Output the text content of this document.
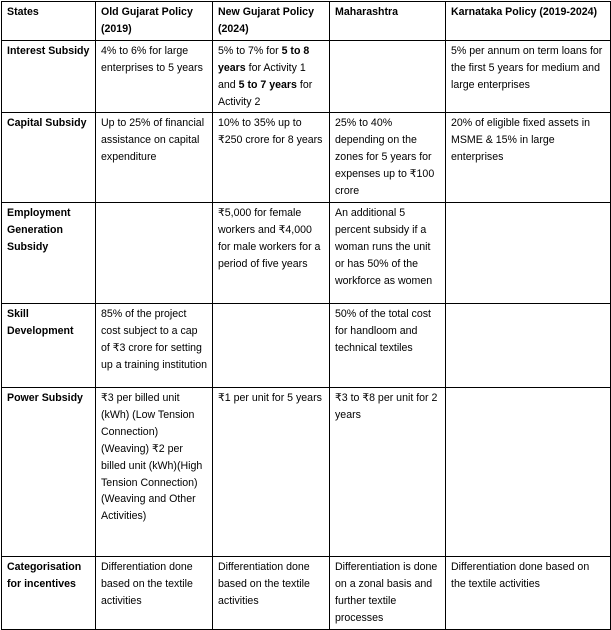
States	Old Gujarat Policy (2019)	New Gujarat Policy (2024)	Maharashtra	Karnataka Policy (2019-2024)
Interest Subsidy	4% to 6% for large enterprises to 5 years	5% to 7% for 5 to 8 years for Activity 1 and 5 to 7 years for Activity 2		5% per annum on term loans for the first 5 years for medium and large enterprises
Capital Subsidy	Up to 25% of financial assistance on capital expenditure	10% to 35% up to ₹250 crore for 8 years	25% to 40% depending on the zones for 5 years for expenses up to ₹100 crore	20% of eligible fixed assets in MSME & 15% in large enterprises
Employment Generation Subsidy		₹5,000 for female workers and ₹4,000 for male workers for a period of five years	An additional 5 percent subsidy if a woman runs the unit or has 50% of the workforce as women	
Skill Development	85% of the project cost subject to a cap of ₹3 crore for setting up a training institution		50% of the total cost for handloom and technical textiles	
Power Subsidy	₹3 per billed unit (kWh) (Low Tension Connection) (Weaving) ₹2 per billed unit (kWh)(High Tension Connection) (Weaving and Other Activities)	₹1 per unit for 5 years	₹3 to ₹8 per unit for 2 years	
Categorisation for incentives	Differentiation done based on the textile activities	Differentiation done based on the textile activities	Differentiation is done on a zonal basis and further textile processes	Differentiation done based on the textile activities
